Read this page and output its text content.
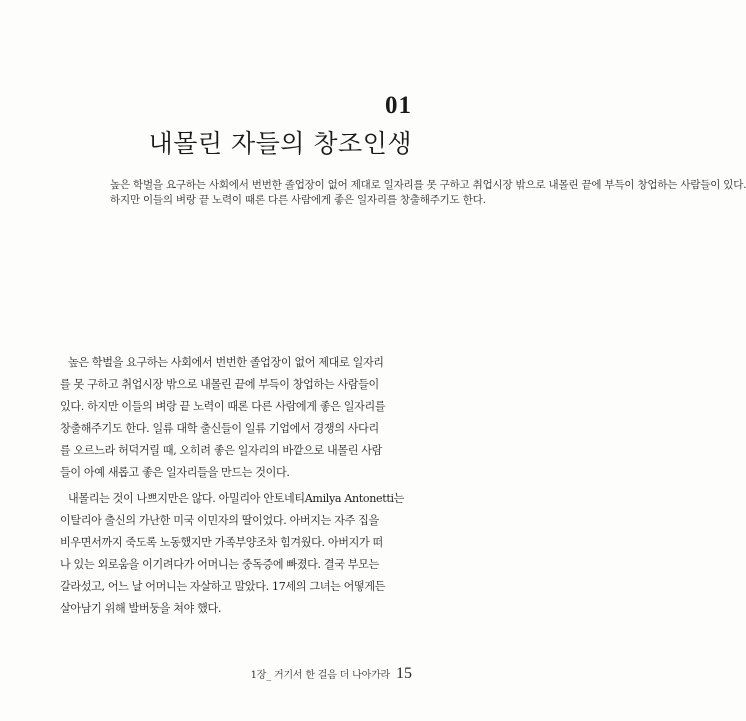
01
내몰린 자들의 창조인생
높은 학벌을 요구하는 사회에서 번번한 졸업장이 없어 제대로 일자리를 못 구하고 취업시장 밖으로 내몰린 끝에 부득이 창업하는 사람들이 있다.
하지만 이들의 벼랑 끝 노력이 때론 다른 사람에게 좋은 일자리를 창출해주기도 한다.
높은 학벌을 요구하는 사회에서 번번한 졸업장이 없어 제대로 일자리
를 못 구하고 취업시장 밖으로 내몰린 끝에 부득이 창업하는 사람들이
있다. 하지만 이들의 벼랑 끝 노력이 때론 다른 사람에게 좋은 일자리를
창출해주기도 한다. 일류 대학 출신들이 일류 기업에서 경쟁의 사다리
를 오르느라 허덕거릴 때, 오히려 좋은 일자리의 바깥으로 내몰린 사람
들이 아예 새롭고 좋은 일자리들을 만드는 것이다.
내몰리는 것이 나쁘지만은 않다. 아밀리아 안토네티Amilya Antonetti는
이탈리아 출신의 가난한 미국 이민자의 딸이었다. 아버지는 자주 집을
비우면서까지 죽도록 노동했지만 가족부양조차 힘겨웠다. 아버지가 떠
나 있는 외로움을 이기려다가 어머니는 중독증에 빠졌다. 결국 부모는
갈라섰고, 어느 날 어머니는 자살하고 말았다. 17세의 그녀는 어떻게든
살아남기 위해 발버둥을 쳐야 했다.
1장_ 거기서 한 걸음 더 나아가라 15
